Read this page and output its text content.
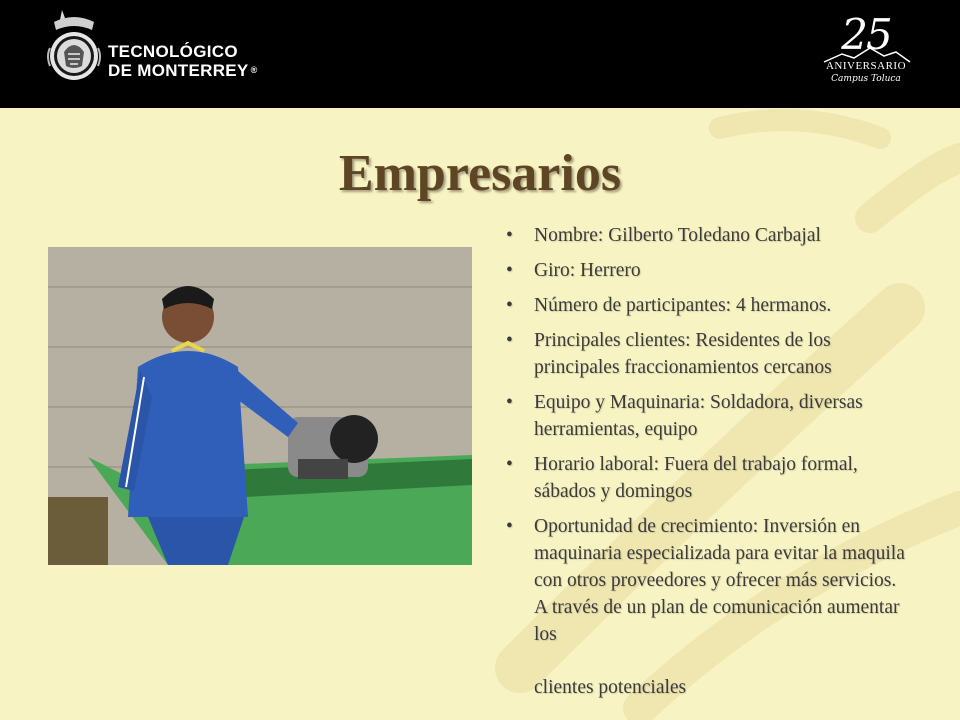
TECNOLÓGICO
DE MONTERREY ®
25
ANIVERSARIO
Campus Toluca
Empresarios
• Nombre: Gilberto Toledano Carbajal
• Giro: Herrero
• Número de participantes: 4 hermanos.
• Principales clientes: Residentes de los principales fraccionamientos cercanos
• Equipo y Maquinaria: Soldadora, diversas herramientas, equipo
• Horario laboral: Fuera del trabajo formal, sábados y domingos
• Oportunidad de crecimiento: Inversión en maquinaria especializada para evitar la maquila con otros proveedores y ofrecer más servicios. A través de un plan de comunicación aumentar los
clientes potenciales
